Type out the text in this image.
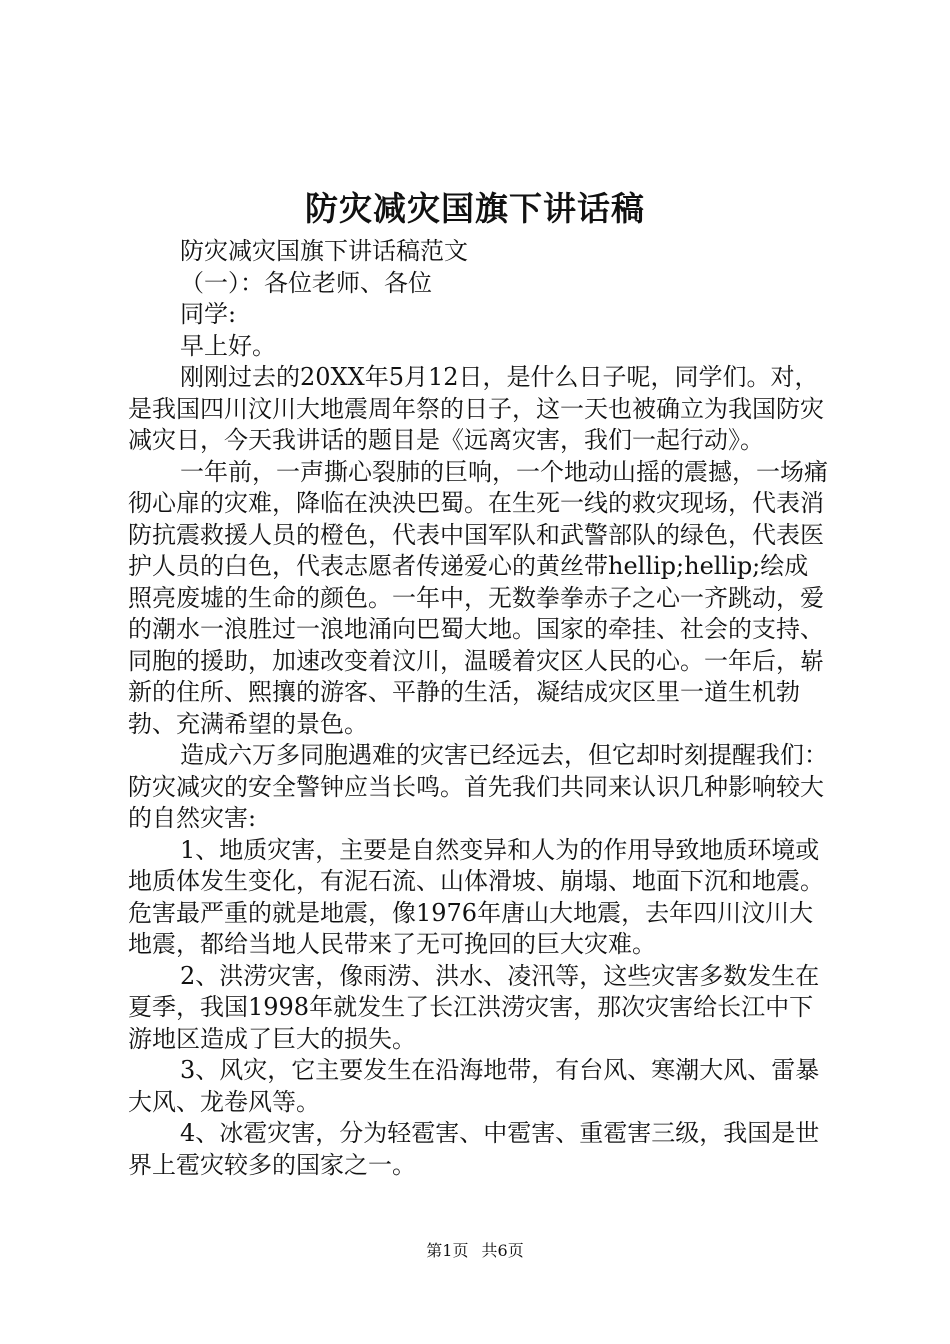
防灾减灾国旗下讲话稿

防灾减灾国旗下讲话稿范文

（一）：各位老师、各位

同学:

早上好。

刚刚过去的20XX年5月12日，是什么日子呢，同学们。对，是我国四川汶川大地震周年祭的日子，这一天也被确立为我国防灾减灾日，今天我讲话的题目是《远离灾害，我们一起行动》。

一年前，一声撕心裂肺的巨响，一个地动山摇的震撼，一场痛彻心扉的灾难，降临在泱泱巴蜀。在生死一线的救灾现场，代表消防抗震救援人员的橙色，代表中国军队和武警部队的绿色，代表医护人员的白色，代表志愿者传递爱心的黄丝带hellip;hellip;绘成照亮废墟的生命的颜色。一年中，无数拳拳赤子之心一齐跳动，爱的潮水一浪胜过一浪地涌向巴蜀大地。国家的牵挂、社会的支持、同胞的援助，加速改变着汶川，温暖着灾区人民的心。一年后，崭新的住所、熙攘的游客、平静的生活，凝结成灾区里一道生机勃勃、充满希望的景色。

造成六万多同胞遇难的灾害已经远去，但它却时刻提醒我们：防灾减灾的安全警钟应当长鸣。首先我们共同来认识几种影响较大的自然灾害:

1、地质灾害，主要是自然变异和人为的作用导致地质环境或地质体发生变化，有泥石流、山体滑坡、崩塌、地面下沉和地震。危害最严重的就是地震，像1976年唐山大地震，去年四川汶川大地震，都给当地人民带来了无可挽回的巨大灾难。

2、洪涝灾害，像雨涝、洪水、凌汛等，这些灾害多数发生在夏季，我国1998年就发生了长江洪涝灾害，那次灾害给长江中下游地区造成了巨大的损失。

3、风灾，它主要发生在沿海地带，有台风、寒潮大风、雷暴大风、龙卷风等。

4、冰雹灾害，分为轻雹害、中雹害、重雹害三级，我国是世界上雹灾较多的国家之一。

第1页 共6页
